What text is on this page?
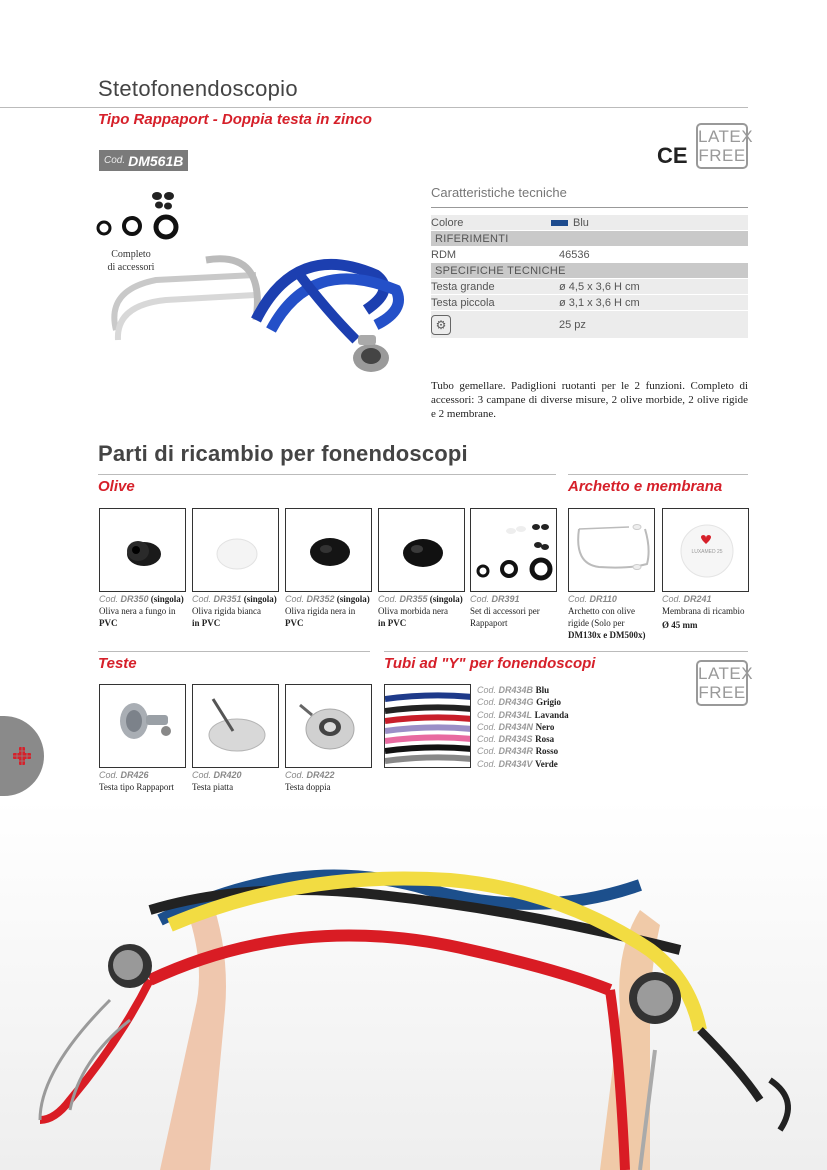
Stetofonendoscopio
Tipo Rappaport - Doppia testa in zinco
Cod. DM561B	CE
LATEX
FREE
Completo
di accessori
Caratteristiche tecniche
Colore	Blu
RIFERIMENTI
RDM	46536
SPECIFICHE TECNICHE
Testa grande	ø 4,5 x 3,6 H cm
Testa piccola	ø 3,1 x 3,6 H cm
⚙	25 pz

Tubo gemellare. Padiglioni ruotanti per le 2 funzioni. Completo di accessori: 3 campane di diverse misure, 2 olive morbide, 2 olive rigide e 2 membrane.

Parti di ricambio per fonendoscopi
Olive	Archetto e membrana
LUXAMED 25
Cod. DR350 (singola)
Oliva nera a fungo in
PVC
Cod. DR351 (singola)
Oliva rigida bianca
in PVC
Cod. DR352 (singola)
Oliva rigida nera in
PVC
Cod. DR355 (singola)
Oliva morbida nera
in PVC
Cod. DR391
Set di accessori per
Rappaport
Cod. DR110
Archetto con olive
rigide (Solo per
DM130x e DM500x)
Cod. DR241
Membrana di ricambio
Ø 45 mm
Teste	Tubi ad "Y" per fonendoscopi
LATEX
FREE
Cod. DR426
Testa tipo Rappaport
Cod. DR420
Testa piatta
Cod. DR422
Testa doppia
Cod. DR434B Blu
Cod. DR434G Grigio
Cod. DR434L Lavanda
Cod. DR434N Nero
Cod. DR434S Rosa
Cod. DR434R Rosso
Cod. DR434V Verde
